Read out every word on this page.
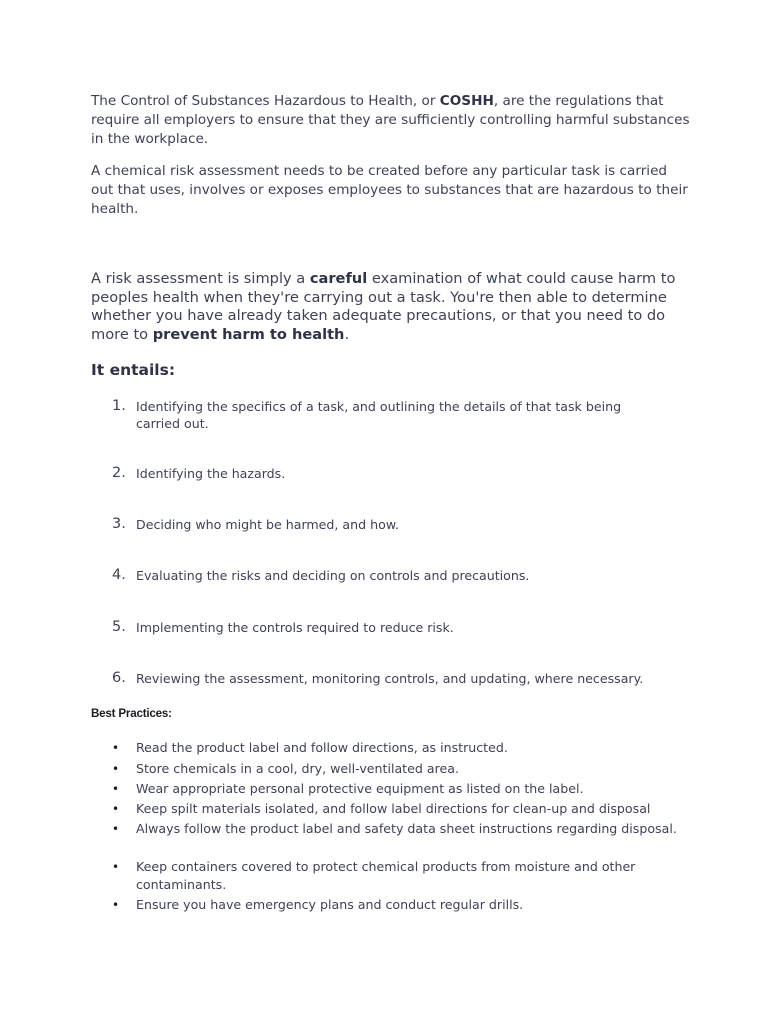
The Control of Substances Hazardous to Health, or COSHH, are the regulations that require all employers to ensure that they are sufficiently controlling harmful substances in the workplace.

A chemical risk assessment needs to be created before any particular task is carried out that uses, involves or exposes employees to substances that are hazardous to their health.

A risk assessment is simply a careful examination of what could cause harm to peoples health when they're carrying out a task. You're then able to determine whether you have already taken adequate precautions, or that you need to do more to prevent harm to health.

It entails:
1. Identifying the specifics of a task, and outlining the details of that task being carried out.
2. Identifying the hazards.
3. Deciding who might be harmed, and how.
4. Evaluating the risks and deciding on controls and precautions.
5. Implementing the controls required to reduce risk.
6. Reviewing the assessment, monitoring controls, and updating, where necessary.
Best Practices:
•	Read the product label and follow directions, as instructed.
•	Store chemicals in a cool, dry, well-ventilated area.
•	Wear appropriate personal protective equipment as listed on the label.
•	Keep spilt materials isolated, and follow label directions for clean-up and disposal
•	Always follow the product label and safety data sheet instructions regarding disposal.
•	Keep containers covered to protect chemical products from moisture and other contaminants.
•	Ensure you have emergency plans and conduct regular drills.
